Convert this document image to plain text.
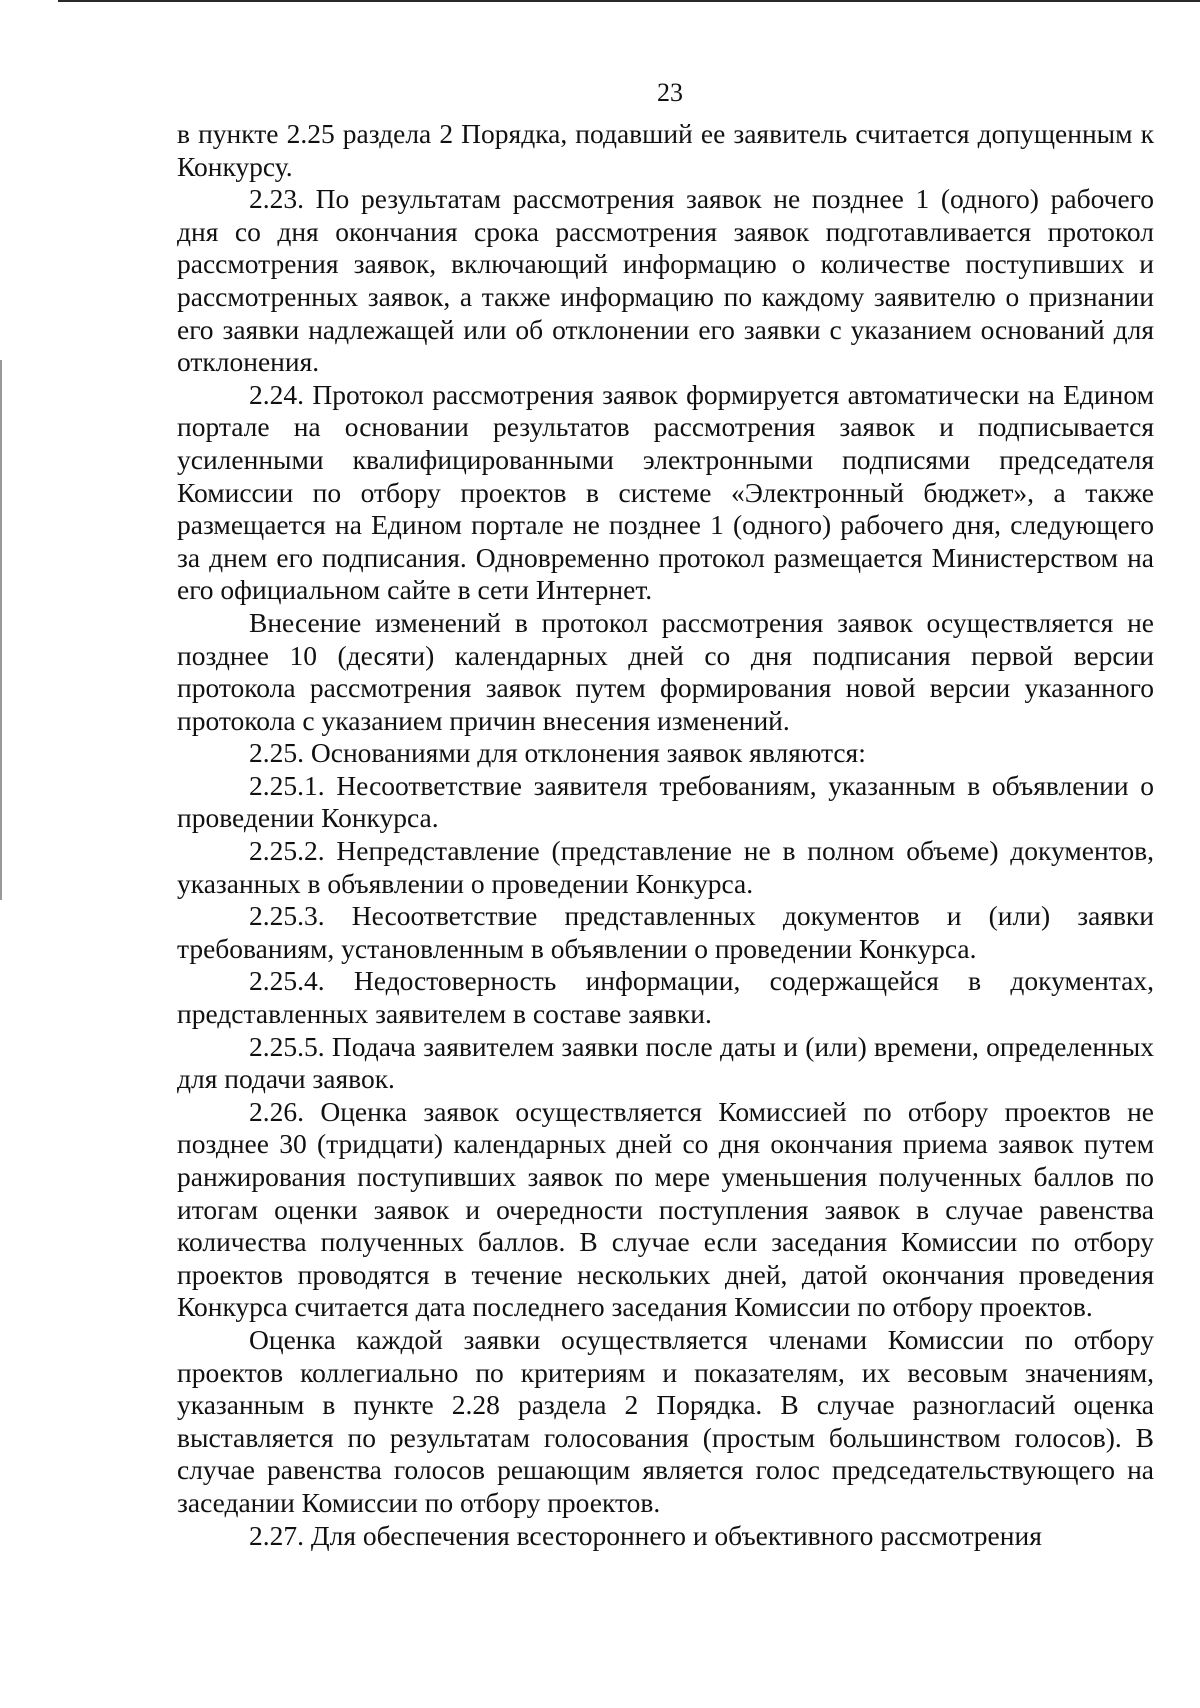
23

в пункте 2.25 раздела 2 Порядка, подавший ее заявитель считается допущенным к Конкурсу.

2.23. По результатам рассмотрения заявок не позднее 1 (одного) рабочего дня со дня окончания срока рассмотрения заявок подготавливается протокол рассмотрения заявок, включающий информацию о количестве поступивших и рассмотренных заявок, а также информацию по каждому заявителю о признании его заявки надлежащей или об отклонении его заявки с указанием оснований для отклонения.

2.24. Протокол рассмотрения заявок формируется автоматически на Едином портале на основании результатов рассмотрения заявок и подписывается усиленными квалифицированными электронными подписями председателя Комиссии по отбору проектов в системе «Электронный бюджет», а также размещается на Едином портале не позднее 1 (одного) рабочего дня, следующего за днем его подписания. Одновременно протокол размещается Министерством на его официальном сайте в сети Интернет.

Внесение изменений в протокол рассмотрения заявок осуществляется не позднее 10 (десяти) календарных дней со дня подписания первой версии протокола рассмотрения заявок путем формирования новой версии указанного протокола с указанием причин внесения изменений.

2.25. Основаниями для отклонения заявок являются:

2.25.1. Несоответствие заявителя требованиям, указанным в объявлении о проведении Конкурса.

2.25.2. Непредставление (представление не в полном объеме) документов, указанных в объявлении о проведении Конкурса.

2.25.3. Несоответствие представленных документов и (или) заявки требованиям, установленным в объявлении о проведении Конкурса.

2.25.4. Недостоверность информации, содержащейся в документах, представленных заявителем в составе заявки.

2.25.5. Подача заявителем заявки после даты и (или) времени, определенных для подачи заявок.

2.26. Оценка заявок осуществляется Комиссией по отбору проектов не позднее 30 (тридцати) календарных дней со дня окончания приема заявок путем ранжирования поступивших заявок по мере уменьшения полученных баллов по итогам оценки заявок и очередности поступления заявок в случае равенства количества полученных баллов. В случае если заседания Комиссии по отбору проектов проводятся в течение нескольких дней, датой окончания проведения Конкурса считается дата последнего заседания Комиссии по отбору проектов.

Оценка каждой заявки осуществляется членами Комиссии по отбору проектов коллегиально по критериям и показателям, их весовым значениям, указанным в пункте 2.28 раздела 2 Порядка. В случае разногласий оценка выставляется по результатам голосования (простым большинством голосов). В случае равенства голосов решающим является голос председательствующего на заседании Комиссии по отбору проектов.

2.27. Для обеспечения всестороннего и объективного рассмотрения
